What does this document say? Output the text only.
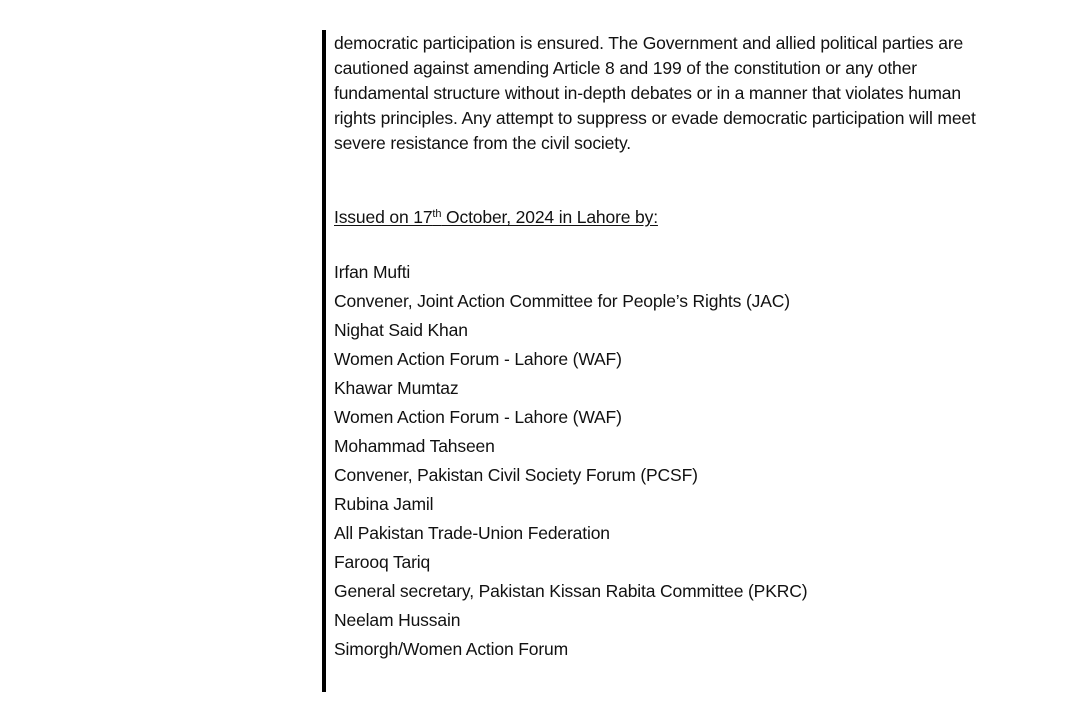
democratic participation is ensured. The Government and allied political parties are
cautioned against amending Article 8 and 199 of the constitution or any other
fundamental structure without in-depth debates or in a manner that violates human
rights principles. Any attempt to suppress or evade democratic participation will meet
severe resistance from the civil society.

Issued on 17th October, 2024 in Lahore by:
Irfan Mufti
Convener, Joint Action Committee for People’s Rights (JAC)
Nighat Said Khan
Women Action Forum - Lahore (WAF)
Khawar Mumtaz
Women Action Forum - Lahore (WAF)
Mohammad Tahseen
Convener, Pakistan Civil Society Forum (PCSF)
Rubina Jamil
All Pakistan Trade-Union Federation
Farooq Tariq
General secretary, Pakistan Kissan Rabita Committee (PKRC)
Neelam Hussain
Simorgh/Women Action Forum
